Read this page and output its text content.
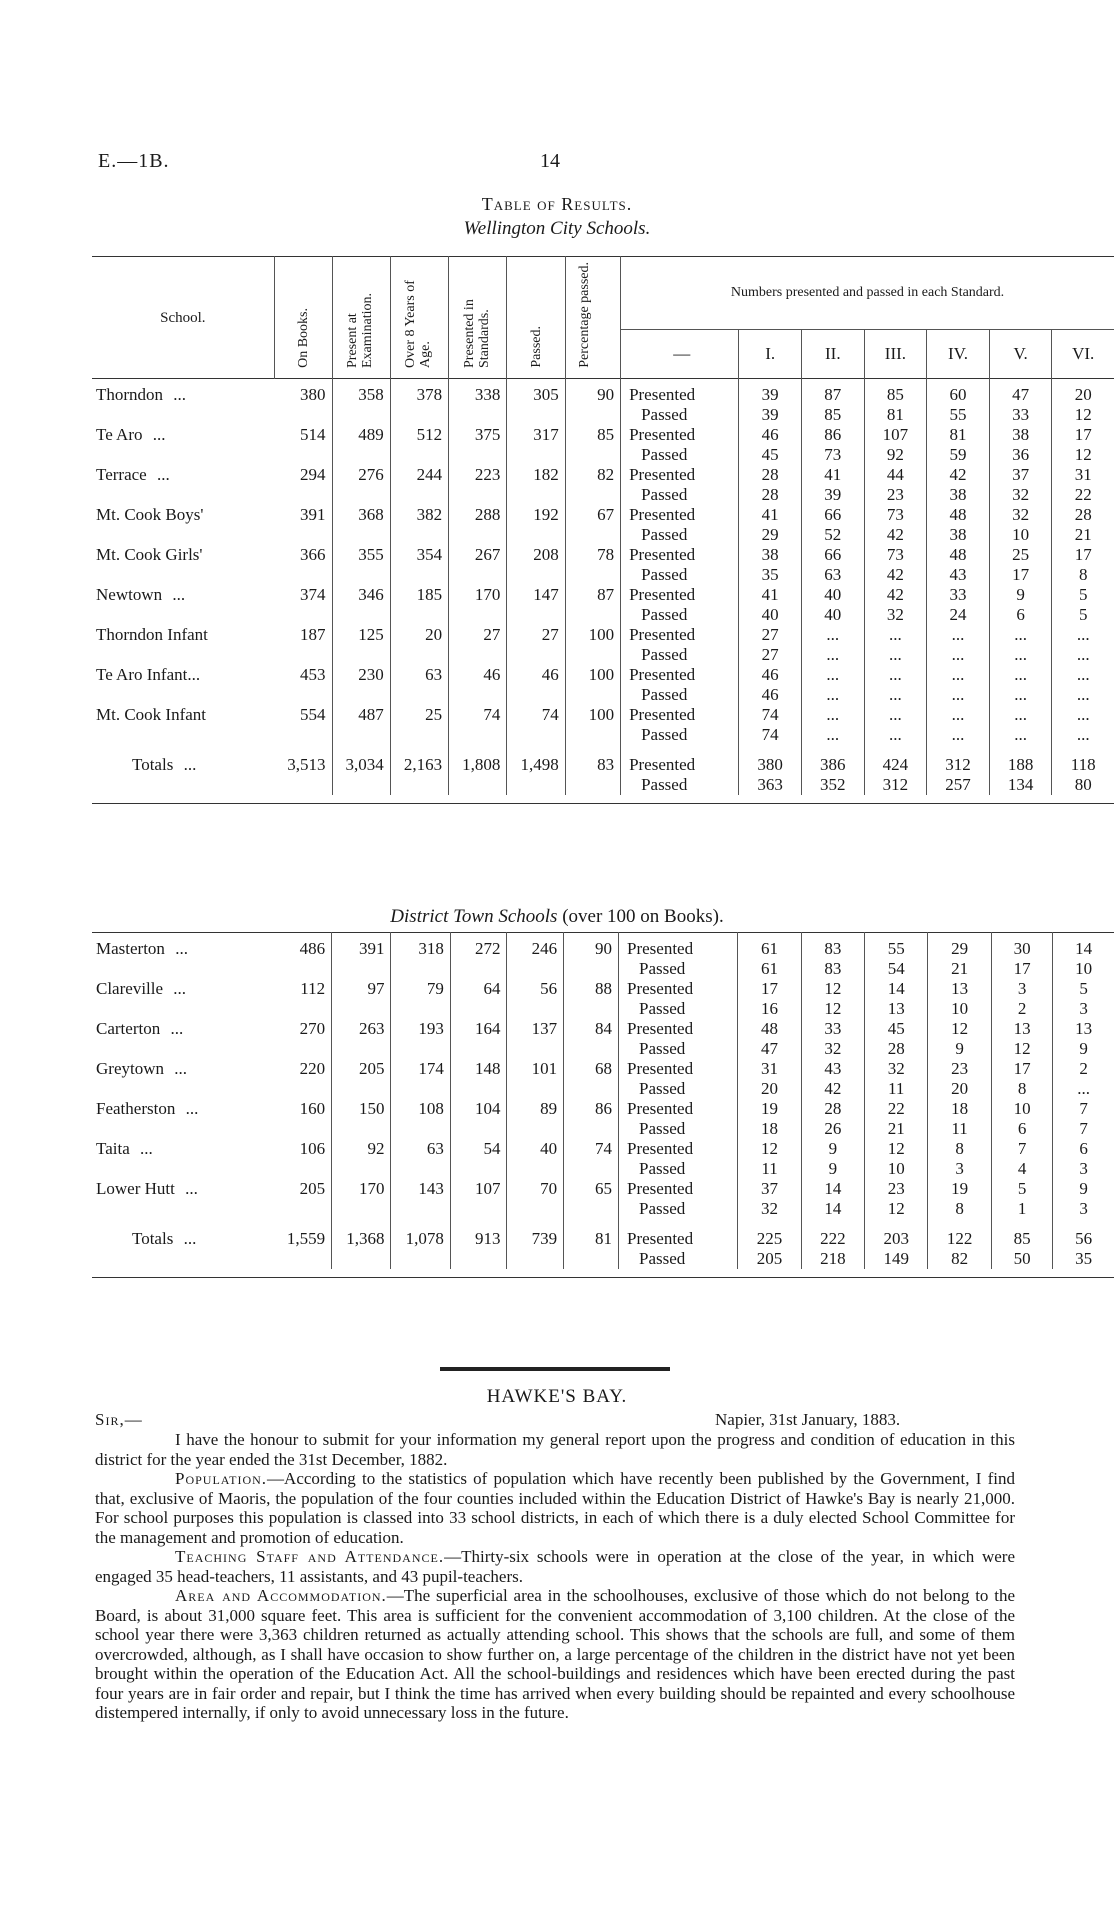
E.—1B.	14
Table of Results.
Wellington City Schools.
School.	On Books.	Present at Examination.	Over 8 Years of Age.	Presented in Standards.	Passed.	Percentage passed.	Numbers presented and passed in each Standard.						
							—	I.	II.	III.	IV.	V.	VI.
Thorndon ...	380	358	378	338	305	90	Presented	39	87	85	60	47	20
							Passed	39	85	81	55	33	12
Te Aro ...	514	489	512	375	317	85	Presented	46	86	107	81	38	17
							Passed	45	73	92	59	36	12
Terrace ...	294	276	244	223	182	82	Presented	28	41	44	42	37	31
							Passed	28	39	23	38	32	22
Mt. Cook Boys'	391	368	382	288	192	67	Presented	41	66	73	48	32	28
							Passed	29	52	42	38	10	21
Mt. Cook Girls'	366	355	354	267	208	78	Presented	38	66	73	48	25	17
							Passed	35	63	42	43	17	8
Newtown ...	374	346	185	170	147	87	Presented	41	40	42	33	9	5
							Passed	40	40	32	24	6	5
Thorndon Infant	187	125	20	27	27	100	Presented	27	...	...	...	...	...
							Passed	27	...	...	...	...	...
Te Aro Infant...	453	230	63	46	46	100	Presented	46	...	...	...	...	...
							Passed	46	...	...	...	...	...
Mt. Cook Infant	554	487	25	74	74	100	Presented	74	...	...	...	...	...
							Passed	74	...	...	...	...	...
Totals ...	3,513	3,034	2,163	1,808	1,498	83	Presented	380	386	424	312	188	118
							Passed	363	352	312	257	134	80

District Town Schools (over 100 on Books).
Masterton ...	486	391	318	272	246	90	Presented	61	83	55	29	30	14
							Passed	61	83	54	21	17	10
Clareville ...	112	97	79	64	56	88	Presented	17	12	14	13	3	5
							Passed	16	12	13	10	2	3
Carterton ...	270	263	193	164	137	84	Presented	48	33	45	12	13	13
							Passed	47	32	28	9	12	9
Greytown ...	220	205	174	148	101	68	Presented	31	43	32	23	17	2
							Passed	20	42	11	20	8	...
Featherston ...	160	150	108	104	89	86	Presented	19	28	22	18	10	7
							Passed	18	26	21	11	6	7
Taita ...	106	92	63	54	40	74	Presented	12	9	12	8	7	6
							Passed	11	9	10	3	4	3
Lower Hutt ...	205	170	143	107	70	65	Presented	37	14	23	19	5	9
							Passed	32	14	12	8	1	3
Totals ...	1,559	1,368	1,078	913	739	81	Presented	225	222	203	122	85	56
							Passed	205	218	149	82	50	35

HAWKE'S BAY.
Sir,—	Napier, 31st January, 1883.

I have the honour to submit for your information my general report upon the progress and condition of education in this district for the year ended the 31st December, 1882.

Population.—According to the statistics of population which have recently been published by the Government, I find that, exclusive of Maoris, the population of the four counties included within the Education District of Hawke's Bay is nearly 21,000. For school purposes this population is classed into 33 school districts, in each of which there is a duly elected School Committee for the management and promotion of education.

Teaching Staff and Attendance.—Thirty-six schools were in operation at the close of the year, in which were engaged 35 head-teachers, 11 assistants, and 43 pupil-teachers.

Area and Accommodation.—The superficial area in the schoolhouses, exclusive of those which do not belong to the Board, is about 31,000 square feet. This area is sufficient for the convenient accommodation of 3,100 children. At the close of the school year there were 3,363 children returned as actually attending school. This shows that the schools are full, and some of them overcrowded, although, as I shall have occasion to show further on, a large percentage of the children in the district have not yet been brought within the operation of the Education Act. All the school-buildings and residences which have been erected during the past four years are in fair order and repair, but I think the time has arrived when every building should be repainted and every schoolhouse distempered internally, if only to avoid unnecessary loss in the future.
